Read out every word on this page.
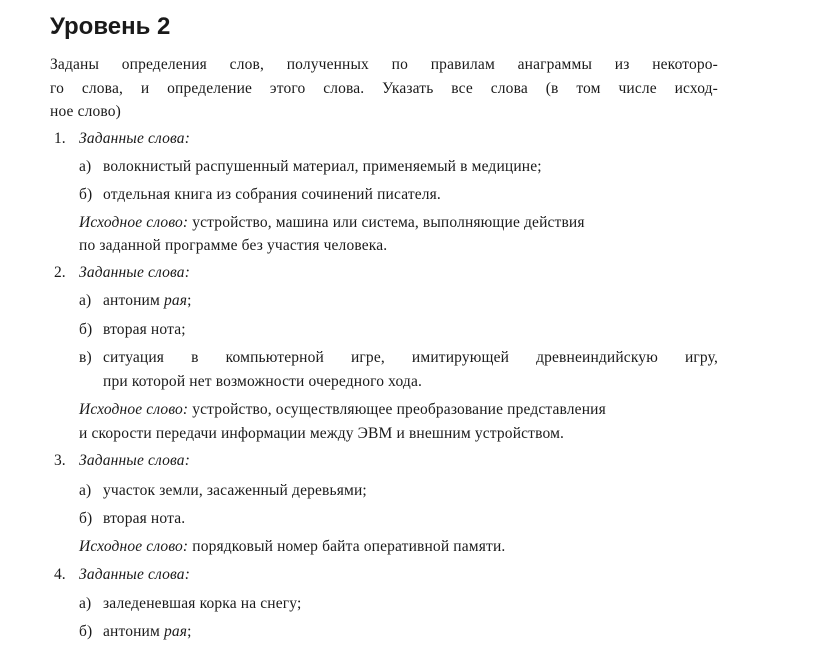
Уровень 2
Заданы определения слов, полученных по правилам анаграммы из некоторо-
го слова, и определение этого слова. Указать все слова (в том числе исход-
ное слово)
1. Заданные слова:
а) волокнистый распушенный материал, применяемый в медицине;
б) отдельная книга из собрания сочинений писателя.
Исходное слово: устройство, машина или система, выполняющие действия
по заданной программе без участия человека.
2. Заданные слова:
а) антоним рая;
б) вторая нота;
в) ситуация в компьютерной игре, имитирующей древнеиндийскую игру,
при которой нет возможности очередного хода.
Исходное слово: устройство, осуществляющее преобразование представления
и скорости передачи информации между ЭВМ и внешним устройством.
3. Заданные слова:
а) участок земли, засаженный деревьями;
б) вторая нота.
Исходное слово: порядковый номер байта оперативной памяти.
4. Заданные слова:
а) заледеневшая корка на снегу;
б) антоним рая;
